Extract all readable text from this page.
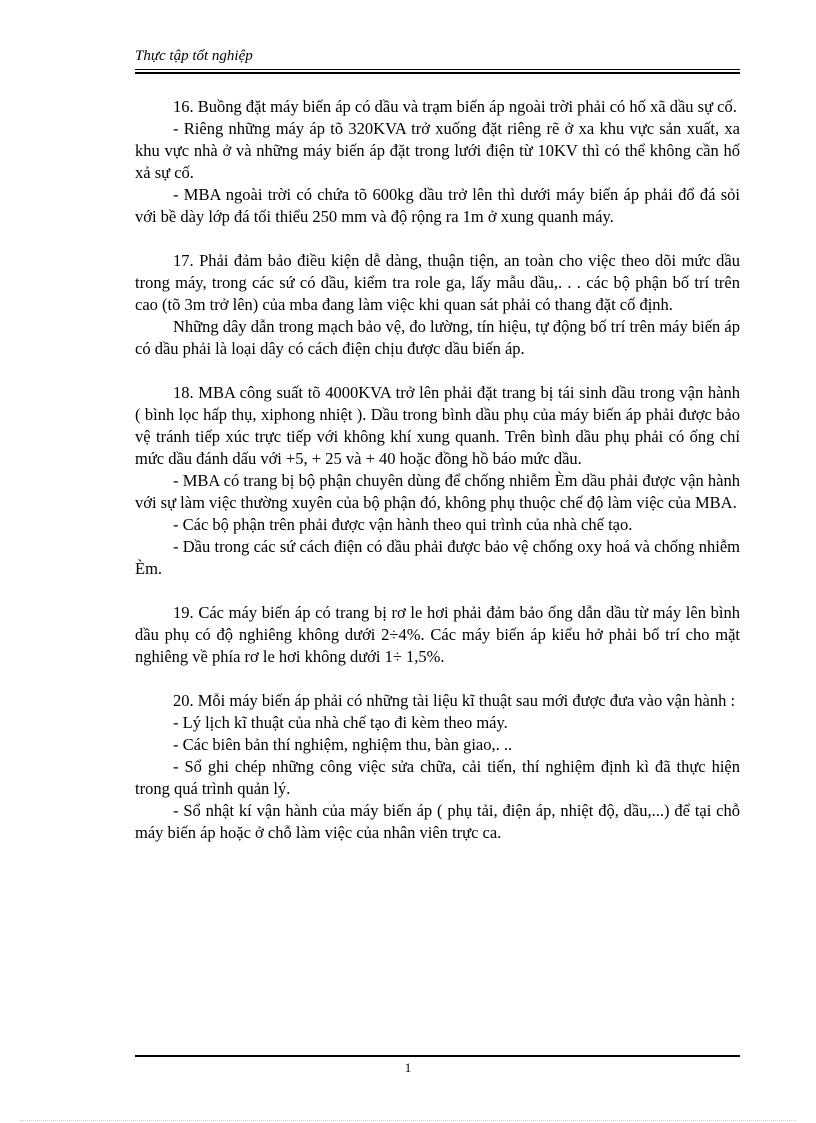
Thực tập tốt nghiệp

16. Buồng đặt máy biến áp có dầu và trạm biến áp ngoài trời phải có hố xã dầu sự cố.

- Riêng những máy áp tõ 320KVA trở xuống đặt riêng rẽ ở xa khu vực sản xuất, xa khu vực nhà ở và những máy biến áp đặt trong lưới điện từ 10KV thì có thể không cần hố xả sự cố.

- MBA ngoài trời có chứa tõ 600kg dầu trở lên thì dưới máy biến áp phải đổ đá sỏi với bề dày lớp đá tối thiểu 250 mm và độ rộng ra 1m ở xung quanh máy.

17. Phải đảm bảo điều kiện dễ dàng, thuận tiện, an toàn cho việc theo dõi mức dầu trong máy, trong các sứ có dầu, kiểm tra role ga, lấy mẫu dầu,. . . các bộ phận bố trí trên cao (tõ 3m trở lên) của mba đang làm việc khi quan sát phải có thang đặt cố định.

Những dây dẫn trong mạch bảo vệ, đo lường, tín hiệu, tự động bố trí trên máy biến áp có dầu phải là loại dây có cách điện chịu được dầu biến áp.

18. MBA công suất tõ 4000KVA trở lên phải đặt trang bị tái sinh dầu trong vận hành ( bình lọc hấp thụ, xiphong nhiệt ). Dầu trong bình dầu phụ của máy biến áp phải được bảo vệ tránh tiếp xúc trực tiếp với không khí xung quanh. Trên bình dầu phụ phải có ống chỉ mức dầu đánh dấu với +5, + 25 và + 40 hoặc đồng hồ báo mức dầu.

- MBA có trang bị bộ phận chuyên dùng để chống nhiễm Èm dầu phải được vận hành với sự làm việc thường xuyên của bộ phận đó, không phụ thuộc chế độ làm việc của MBA.

- Các bộ phận trên phải được vận hành theo qui trình của nhà chế tạo.

- Dầu trong các sứ cách điện có dầu phải được bảo vệ chống oxy hoá và chống nhiễm Èm.

19. Các máy biến áp có trang bị rơ le hơi phải đảm bảo ống dẫn dầu từ máy lên bình dầu phụ có độ nghiêng không dưới 2÷4%. Các máy biến áp kiểu hở phải bố trí cho mặt nghiêng về phía rơ le hơi không dưới 1÷ 1,5%.

20. Mỗi máy biến áp phải có những tài liệu kĩ thuật sau mới được đưa vào vận hành :

- Lý lịch kĩ thuật của nhà chế tạo đi kèm theo máy.

- Các biên bản thí nghiệm, nghiệm thu, bàn giao,. ..

- Sổ ghi chép những công việc sửa chữa, cải tiến, thí nghiệm định kì đã thực hiện trong quá trình quản lý.

- Sổ nhật kí vận hành của máy biến áp ( phụ tải, điện áp, nhiệt độ, dầu,...) để tại chỗ máy biến áp hoặc ở chỗ làm việc của nhân viên trực ca.

1
